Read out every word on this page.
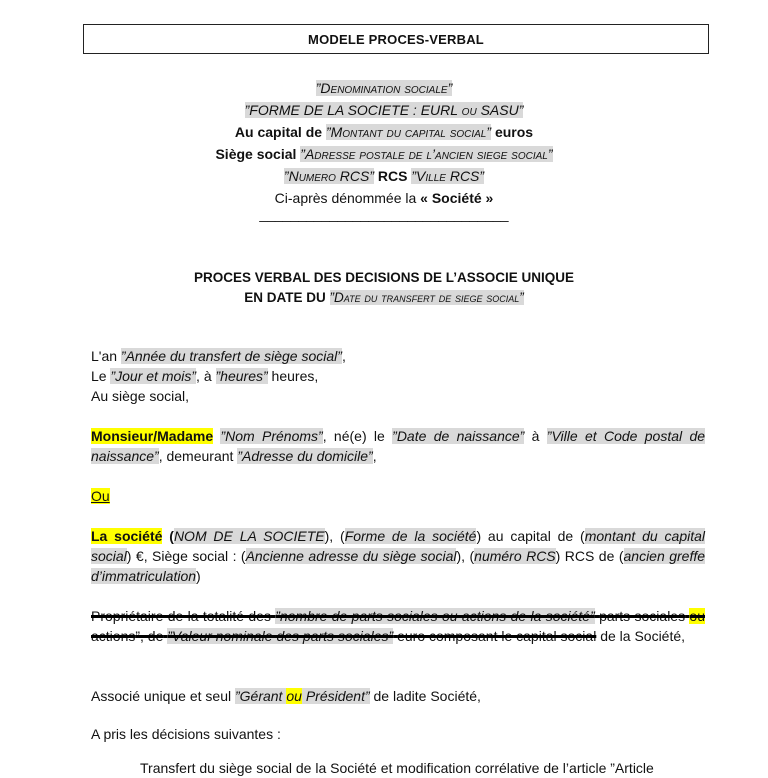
MODELE PROCES-VERBAL
”Denomination sociale”
”FORME DE LA SOCIETE : EURL ou SASU”
Au capital de ”Montant du capital social” euros
Siège social ”Adresse postale de l’ancien siege social”
”Numero RCS” RCS ”Ville RCS”
Ci-après dénommée la « Société »
________________________________
PROCES VERBAL DES DECISIONS DE L’ASSOCIE UNIQUE
EN DATE DU ”Date du transfert de siege social”
L'an ”Année du transfert de siège social”,
Le ”Jour et mois”, à ”heures” heures,
Au siège social,
Monsieur/Madame ”Nom Prénoms”, né(e) le ”Date de naissance” à ”Ville et Code postal de naissance”, demeurant ”Adresse du domicile”,
Ou
La société (NOM DE LA SOCIETE), (Forme de la société) au capital de (montant du capital social) €, Siège social : (Ancienne adresse du siège social), (numéro RCS) RCS de (ancien greffe d’immatriculation)
Propriétaire de la totalité des ”nombre de parts sociales ou actions de la société” parts sociales ou actions”, de ”Valeur nominale des parts sociales” euro composant le capital social de la Société,
Associé unique et seul ”Gérant ou Président” de ladite Société,
A pris les décisions suivantes :
Transfert du siège social de la Société et modification corrélative de l’article ”Article
